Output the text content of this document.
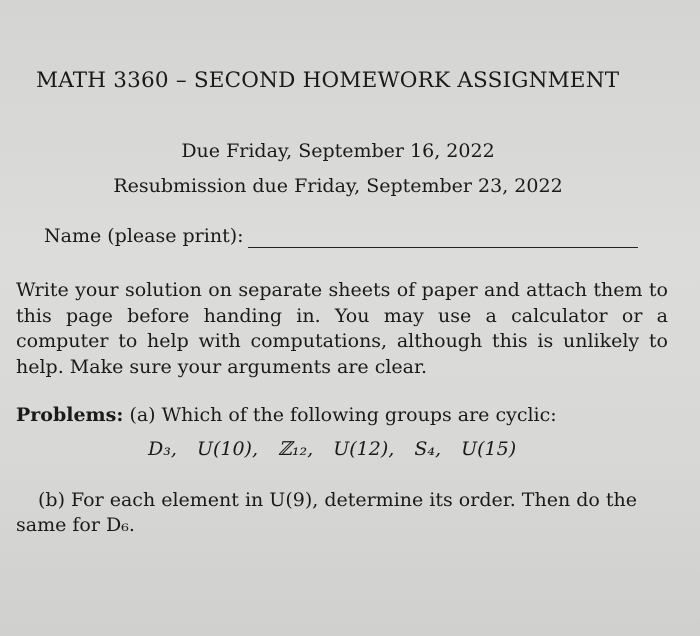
MATH 3360 – SECOND HOMEWORK ASSIGNMENT
Due Friday, September 16, 2022
Resubmission due Friday, September 23, 2022
Name (please print):
Write your solution on separate sheets of paper and attach them to this page before handing in. You may use a calculator or a computer to help with computations, although this is unlikely to help. Make sure your arguments are clear.
Problems: (a) Which of the following groups are cyclic:
D₃, U(10), ℤ₁₂, U(12), S₄, U(15)
(b) For each element in U(9), determine its order. Then do the same for D₆.
